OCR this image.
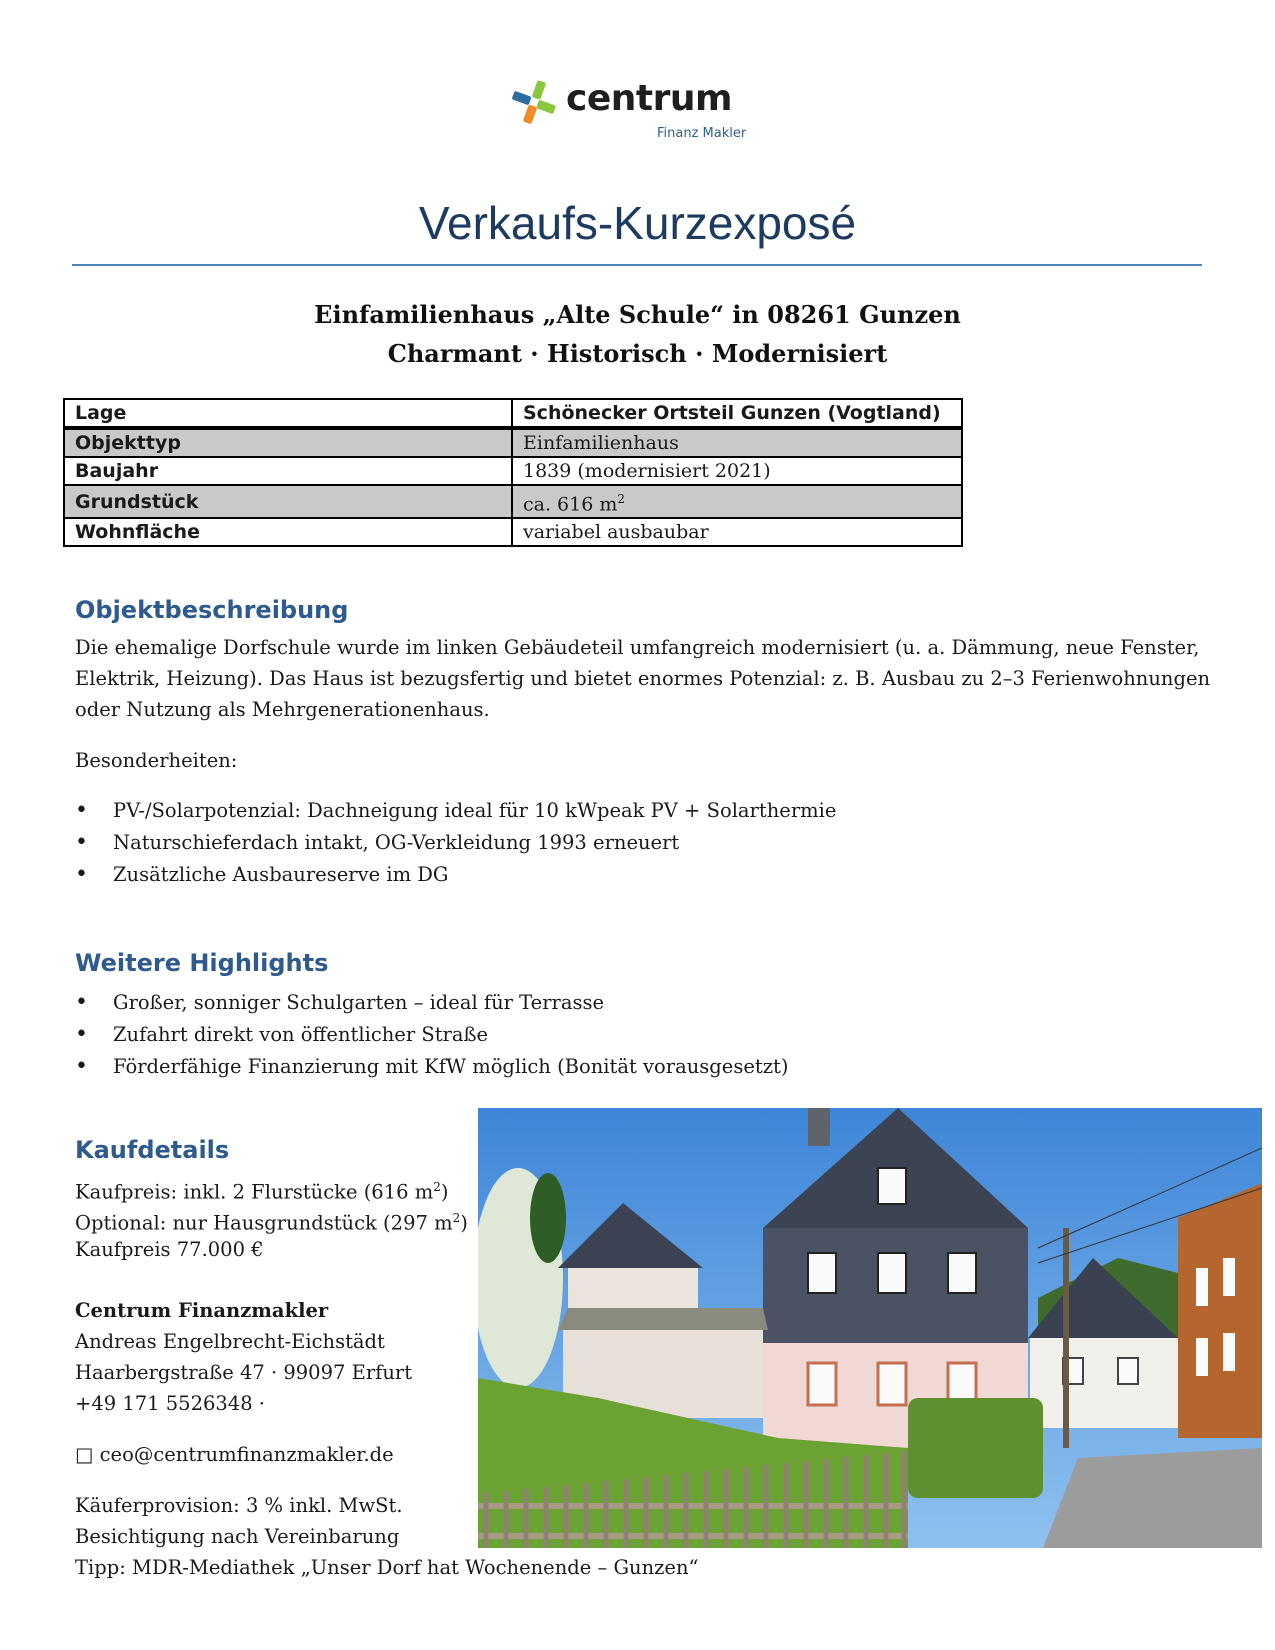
centrum
Finanz Makler
Verkaufs-Kurzexposé
Einfamilienhaus „Alte Schule“ in 08261 Gunzen
Charmant · Historisch · Modernisiert
Lage	Schönecker Ortsteil Gunzen (Vogtland)
Objekttyp	Einfamilienhaus
Baujahr	1839 (modernisiert 2021)
Grundstück	ca. 616 $m^2$
Wohnfläche	variabel ausbaubar
Objektbeschreibung
Die ehemalige Dorfschule wurde im linken Gebäudeteil umfangreich modernisiert (u. a. Dämmung, neue Fenster,
Elektrik, Heizung). Das Haus ist bezugsfertig und bietet enormes Potenzial: z. B. Ausbau zu 2–3 Ferienwohnungen
oder Nutzung als Mehrgenerationenhaus.
Besonderheiten:
• PV-/Solarpotenzial: Dachneigung ideal für 10 kWpeak PV + Solarthermie
• Naturschieferdach intakt, OG-Verkleidung 1993 erneuert
• Zusätzliche Ausbaureserve im DG
Weitere Highlights
• Großer, sonniger Schulgarten – ideal für Terrasse
• Zufahrt direkt von öffentlicher Straße
• Förderfähige Finanzierung mit KfW möglich (Bonität vorausgesetzt)
Kaufdetails
Kaufpreis: inkl. 2 Flurstücke (616 $m^2$)
Optional: nur Hausgrundstück (297 $m^2$)
Kaufpreis 77.000 €
Centrum Finanzmakler
Andreas Engelbrecht-Eichstädt
Haarbergstraße 47 · 99097 Erfurt
+49 171 5526348 ·
□ ceo@centrumfinanzmakler.de
Käuferprovision: 3 % inkl. MwSt.
Besichtigung nach Vereinbarung
Tipp: MDR-Mediathek „Unser Dorf hat Wochenende – Gunzen“
